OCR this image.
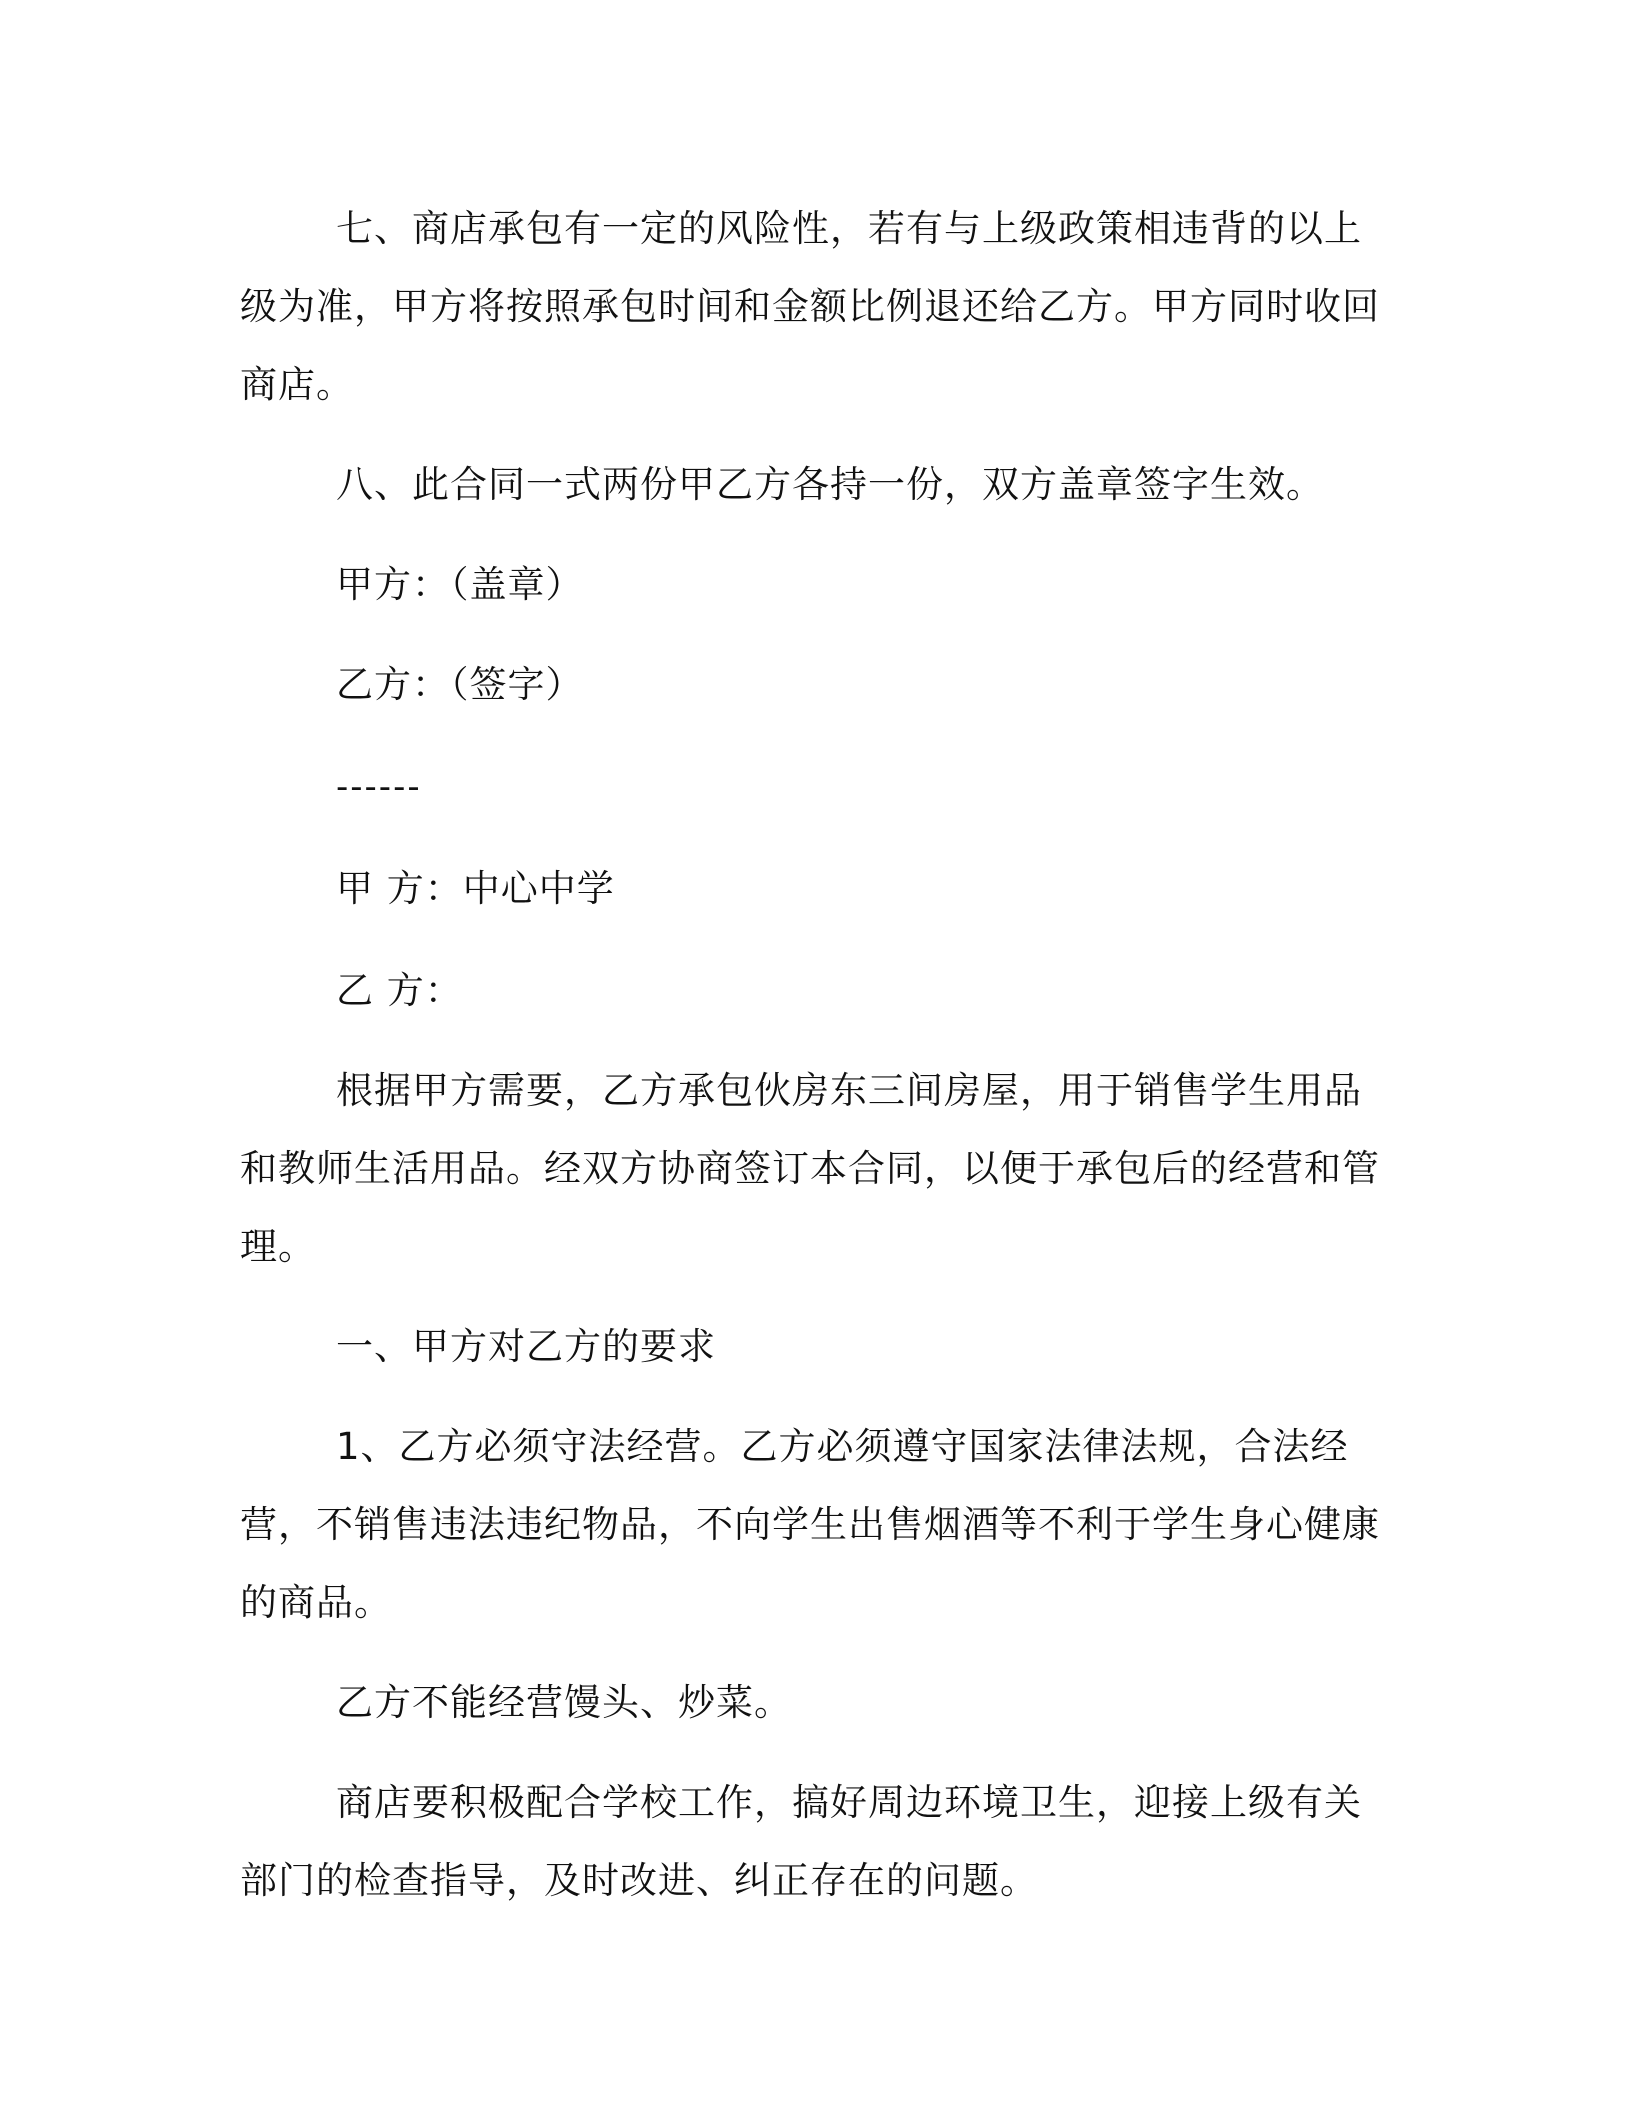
七、商店承包有一定的风险性，若有与上级政策相违背的以上级为准，甲方将按照承包时间和金额比例退还给乙方。甲方同时收回商店。

八、此合同一式两份甲乙方各持一份，双方盖章签字生效。

甲方：（盖章）

乙方：（签字）

------

甲 方：中心中学

乙 方：

根据甲方需要，乙方承包伙房东三间房屋，用于销售学生用品和教师生活用品。经双方协商签订本合同，以便于承包后的经营和管理。

一、甲方对乙方的要求

1、乙方必须守法经营。乙方必须遵守国家法律法规，合法经营，不销售违法违纪物品，不向学生出售烟酒等不利于学生身心健康的商品。

乙方不能经营馒头、炒菜。

商店要积极配合学校工作，搞好周边环境卫生，迎接上级有关部门的检查指导，及时改进、纠正存在的问题。
